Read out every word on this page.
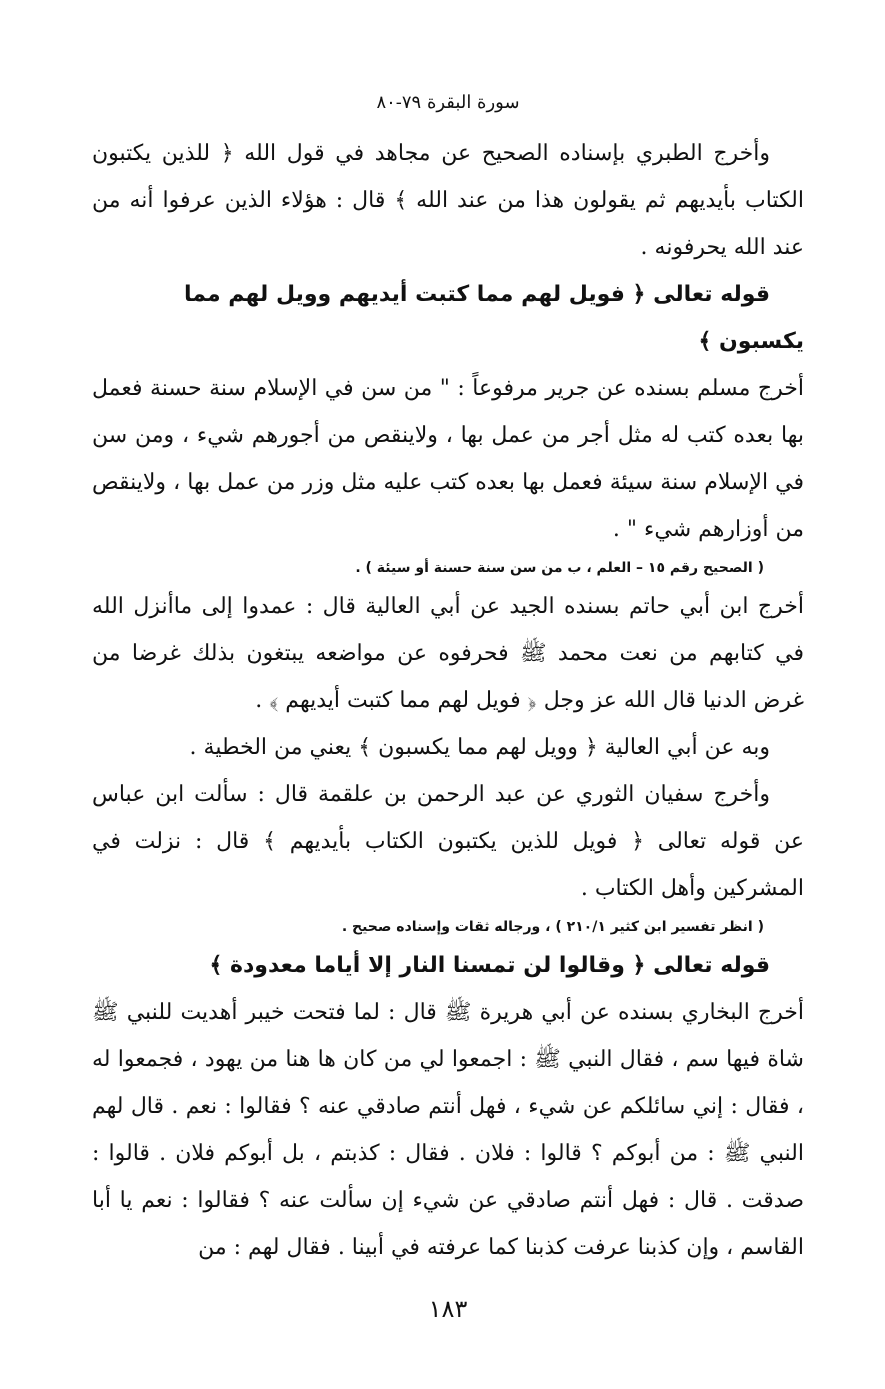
سورة البقرة ٧٩-٨٠

وأخرج الطبري بإسناده الصحيح عن مجاهد في قول الله ﴿ للذين يكتبون الكتاب بأيديهم ثم يقولون هذا من عند الله ﴾ قال : هؤلاء الذين عرفوا أنه من عند الله يحرفونه .

قوله تعالى ﴿ فويل لهم مما كتبت أيديهم وويل لهم مما يكسبون ﴾

أخرج مسلم بسنده عن جرير مرفوعاً : " من سن في الإسلام سنة حسنة فعمل بها بعده كتب له مثل أجر من عمل بها ، ولاينقص من أجورهم شيء ، ومن سن في الإسلام سنة سيئة فعمل بها بعده كتب عليه مثل وزر من عمل بها ، ولاينقص من أوزارهم شيء " .

( الصحيح رقم ١٥ – العلم ، ب من سن سنة حسنة أو سيئة ) .

أخرج ابن أبي حاتم بسنده الجيد عن أبي العالية قال : عمدوا إلى ماأنزل الله في كتابهم من نعت محمد ﷺ فحرفوه عن مواضعه يبتغون بذلك غرضا من غرض الدنيا قال الله عز وجل ﴿ فويل لهم مما كتبت أيديهم ﴾ .

وبه عن أبي العالية ﴿ وويل لهم مما يكسبون ﴾ يعني من الخطية .

وأخرج سفيان الثوري عن عبد الرحمن بن علقمة قال : سألت ابن عباس عن قوله تعالى ﴿ فويل للذين يكتبون الكتاب بأيديهم ﴾ قال : نزلت في المشركين وأهل الكتاب .

( انظر تفسير ابن كثير ٢١٠/١ ) ، ورجاله ثقات وإسناده صحيح .

قوله تعالى ﴿ وقالوا لن تمسنا النار إلا أياما معدودة ﴾

أخرج البخاري بسنده عن أبي هريرة ﷺ قال : لما فتحت خيبر أهديت للنبي ﷺ شاة فيها سم ، فقال النبي ﷺ : اجمعوا لي من كان ها هنا من يهود ، فجمعوا له ، فقال : إني سائلكم عن شيء ، فهل أنتم صادقي عنه ؟ فقالوا : نعم . قال لهم النبي ﷺ : من أبوكم ؟ قالوا : فلان . فقال : كذبتم ، بل أبوكم فلان . قالوا : صدقت . قال : فهل أنتم صادقي عن شيء إن سألت عنه ؟ فقالوا : نعم يا أبا القاسم ، وإن كذبنا عرفت كذبنا كما عرفته في أبينا . فقال لهم : من

١٨٣
